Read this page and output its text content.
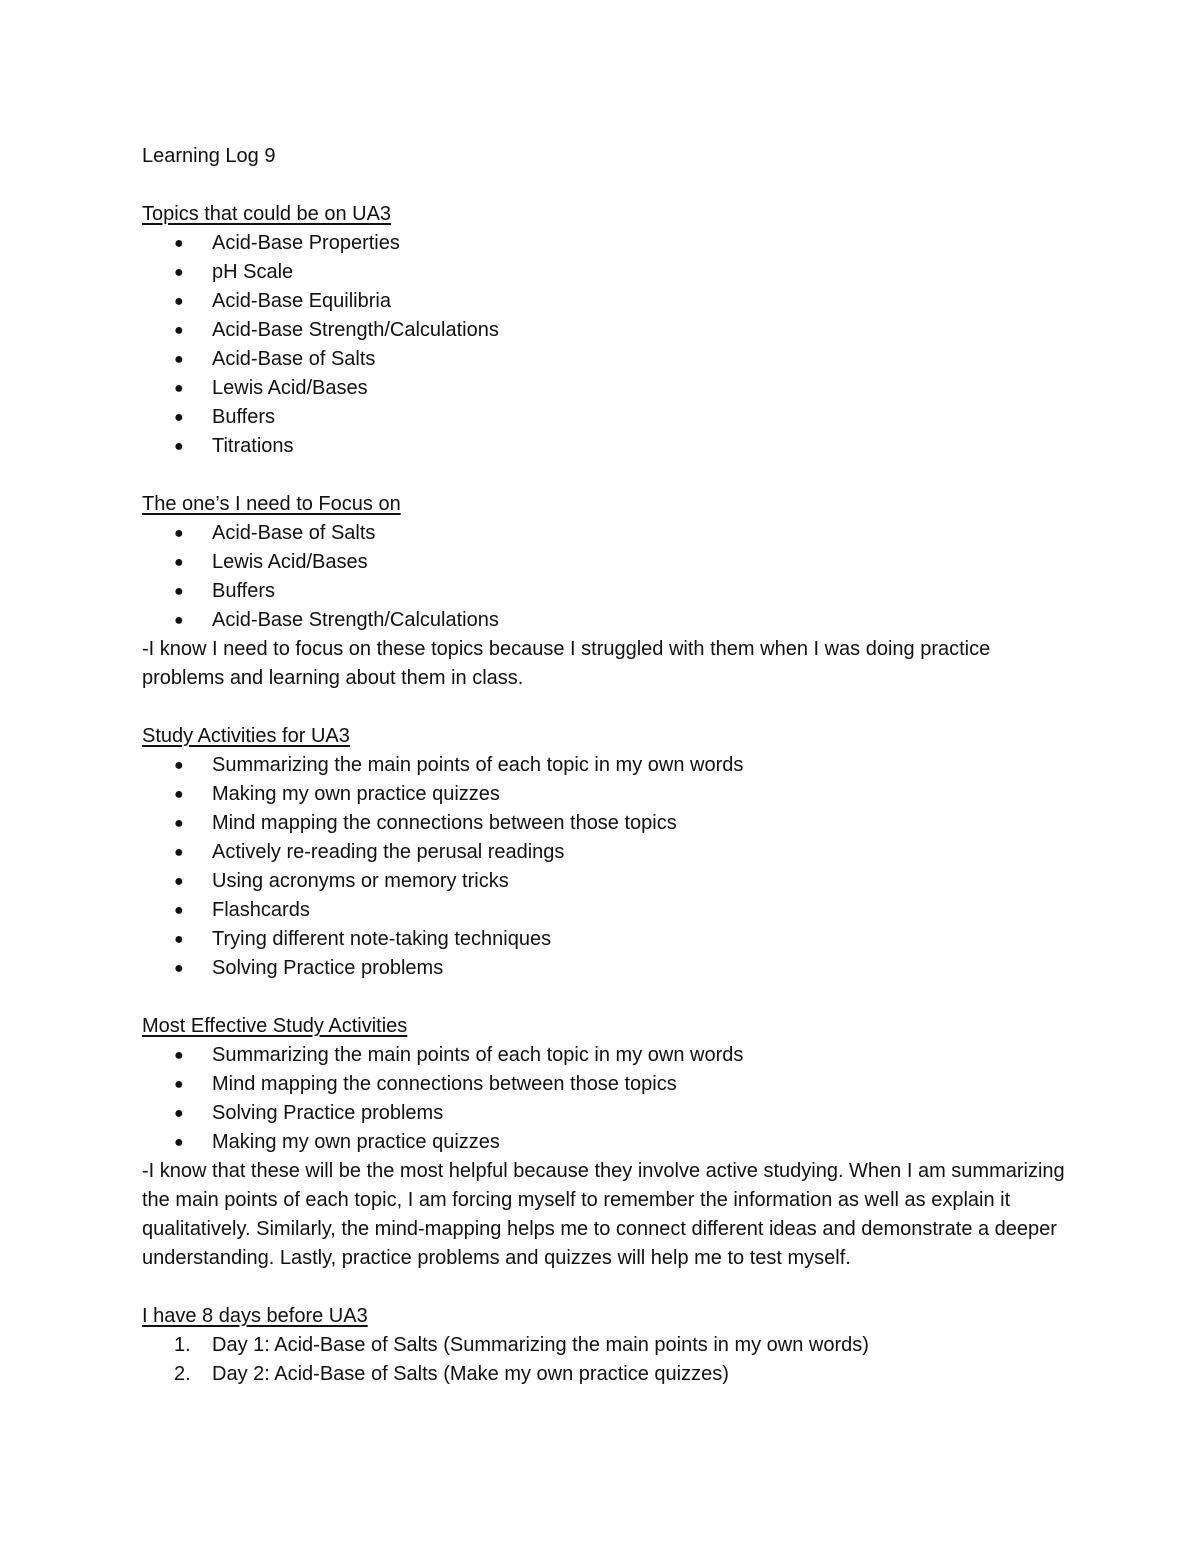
Learning Log 9
Topics that could be on UA3
● Acid-Base Properties
● pH Scale
● Acid-Base Equilibria
● Acid-Base Strength/Calculations
● Acid-Base of Salts
● Lewis Acid/Bases
● Buffers
● Titrations
The one’s I need to Focus on
● Acid-Base of Salts
● Lewis Acid/Bases
● Buffers
● Acid-Base Strength/Calculations

-I know I need to focus on these topics because I struggled with them when I was doing practice problems and learning about them in class.

Study Activities for UA3
● Summarizing the main points of each topic in my own words
● Making my own practice quizzes
● Mind mapping the connections between those topics
● Actively re-reading the perusal readings
● Using acronyms or memory tricks
● Flashcards
● Trying different note-taking techniques
● Solving Practice problems
Most Effective Study Activities
● Summarizing the main points of each topic in my own words
● Mind mapping the connections between those topics
● Solving Practice problems
● Making my own practice quizzes

-I know that these will be the most helpful because they involve active studying. When I am summarizing the main points of each topic, I am forcing myself to remember the information as well as explain it qualitatively. Similarly, the mind-mapping helps me to connect different ideas and demonstrate a deeper understanding. Lastly, practice problems and quizzes will help me to test myself.

I have 8 days before UA3
1. Day 1: Acid-Base of Salts (Summarizing the main points in my own words)
2. Day 2: Acid-Base of Salts (Make my own practice quizzes)
